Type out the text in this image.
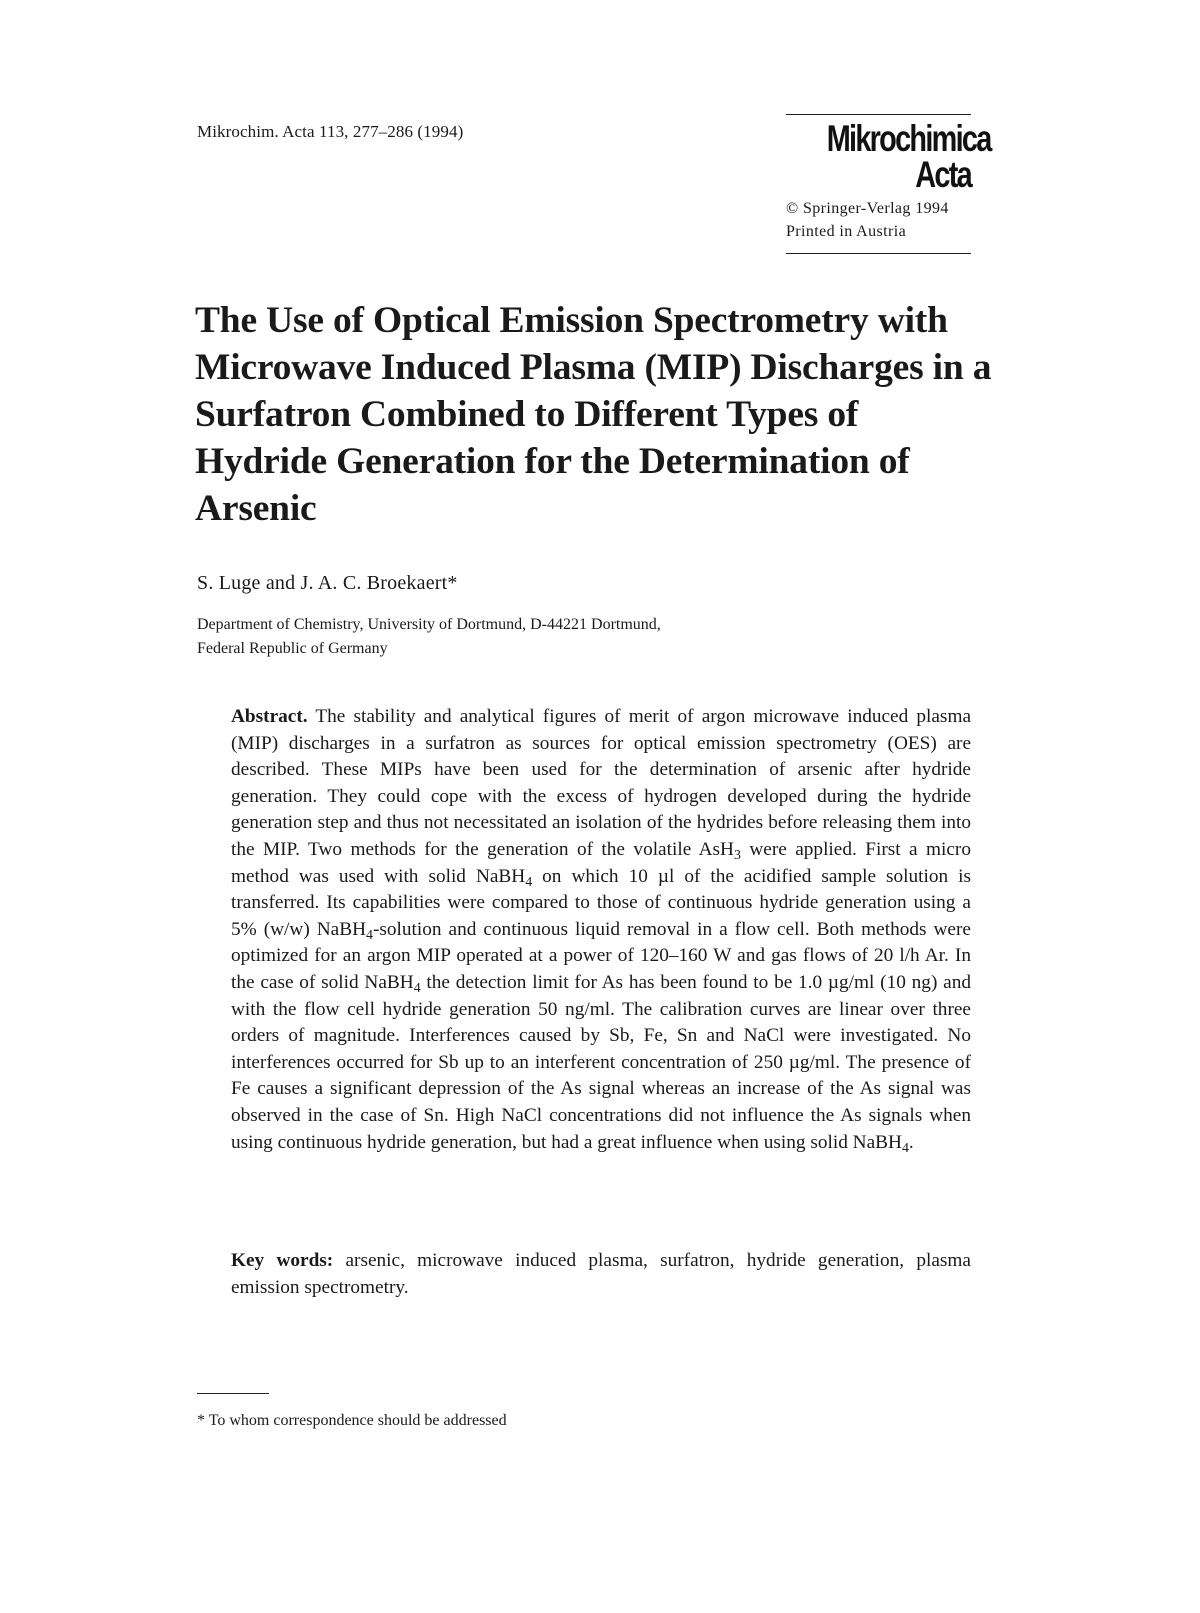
Mikrochim. Acta 113, 277–286 (1994)	Mikrochimica
Acta
© Springer-Verlag 1994
Printed in Austria
The Use of Optical Emission Spectrometry with Microwave Induced Plasma (MIP) Discharges in a Surfatron Combined to Different Types of Hydride Generation for the Determination of Arsenic
S. Luge and J. A. C. Broekaert*
Department of Chemistry, University of Dortmund, D-44221 Dortmund,
Federal Republic of Germany

Abstract. The stability and analytical figures of merit of argon microwave induced plasma (MIP) discharges in a surfatron as sources for optical emission spectrometry (OES) are described. These MIPs have been used for the determination of arsenic after hydride generation. They could cope with the excess of hydrogen developed during the hydride generation step and thus not necessitated an isolation of the hydrides before releasing them into the MIP. Two methods for the generation of the volatile AsH$_3$ were applied. First a micro method was used with solid NaBH$_4$ on which 10 µl of the acidified sample solution is transferred. Its capabilities were compared to those of continuous hydride generation using a 5% (w/w) NaBH$_4$-solution and continuous liquid removal in a flow cell. Both methods were optimized for an argon MIP operated at a power of 120–160 W and gas flows of 20 l/h Ar. In the case of solid NaBH$_4$ the detection limit for As has been found to be 1.0 µg/ml (10 ng) and with the flow cell hydride generation 50 ng/ml. The calibration curves are linear over three orders of magnitude. Interferences caused by Sb, Fe, Sn and NaCl were investigated. No interferences occurred for Sb up to an interferent concentration of 250 µg/ml. The presence of Fe causes a significant depression of the As signal whereas an increase of the As signal was observed in the case of Sn. High NaCl concentrations did not influence the As signals when using continuous hydride generation, but had a great influence when using solid NaBH$_4$.

Key words: arsenic, microwave induced plasma, surfatron, hydride generation, plasma emission spectrometry.

* To whom correspondence should be addressed
